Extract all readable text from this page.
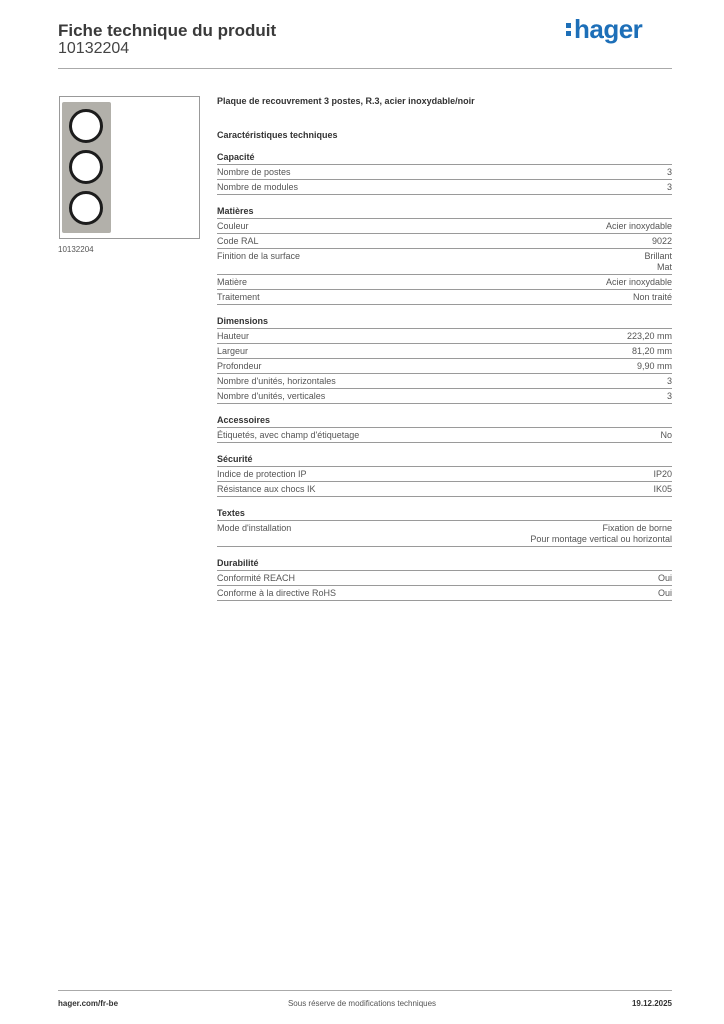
Fiche technique du produit
10132204
hager
10132204
Plaque de recouvrement 3 postes, R.3, acier inoxydable/noir
Caractéristiques techniques
Capacité
Nombre de postes	3
Nombre de modules	3
Matières
Couleur	Acier inoxydable
Code RAL	9022
Finition de la surface	Brillant
Mat
Matière	Acier inoxydable
Traitement	Non traité
Dimensions
Hauteur	223,20 mm
Largeur	81,20 mm
Profondeur	9,90 mm
Nombre d'unités, horizontales	3
Nombre d'unités, verticales	3
Accessoires
Étiquetés, avec champ d'étiquetage	No
Sécurité
Indice de protection IP	IP20
Résistance aux chocs IK	IK05
Textes
Mode d'installation	Fixation de borne
Pour montage vertical ou horizontal
Durabilité
Conformité REACH	Oui
Conforme à la directive RoHS	Oui
Sous réserve de modifications techniques
hager.com/fr-be	19.12.2025
